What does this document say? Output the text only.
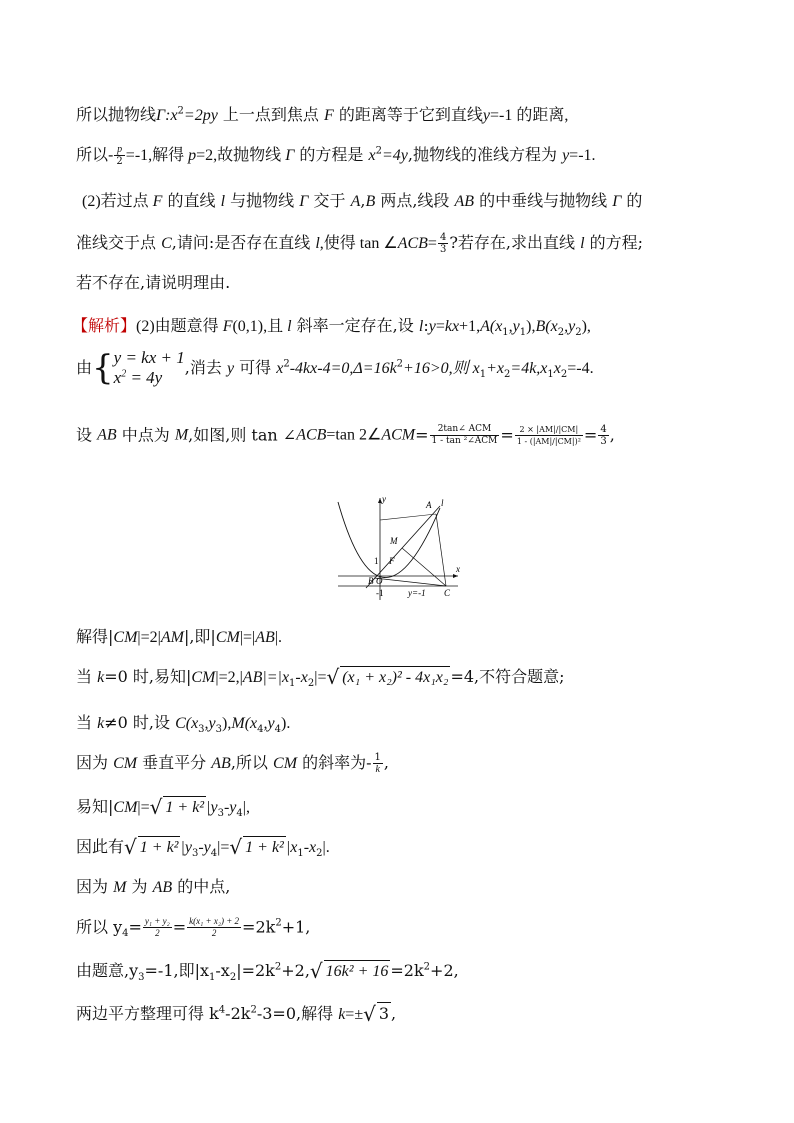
所以抛物线$\Gamma:x^2=2py$ 上一点到焦点 F 的距离等于它到直线y=-1 的距离,
所以- $\frac{p}{2} =-1$,解得 p=2,故抛物线 Γ 的方程是 $x^2=4y$,抛物线的准线方程为 y=-1.
(2)若过点 F 的直线 l 与抛物线 Γ 交于 A,B 两点,线段 AB 的中垂线与抛物线 Γ 的
准线交于点 C,请问:是否存在直线 l,使得 tan ∠ACB= $\frac{4}{3}$ ?若存在,求出直线 l 的方程;
若不存在,请说明理由.
【解析】(2)由题意得 F(0,1),且 l 斜率一定存在,设 $l:y=kx+1,A(x_1,y_1),B(x_2,y_2)$,
由{ y = kx + 1
$x^2 = 4y$
,消去 y 可得 $x^2-4kx-4=0,\Delta=16k^2+16>0$,则 $x_1+x_2=4k,x_1x_2=-4$.
设 AB 中点为 M,如图,则 tan ∠ACB=tan 2∠ACM= $\frac{\text{2tan∠ ACM}}{\text{1 - tan ²∠ACM}} = \frac{2 \times |AM|/|CM|}{\text{1 - (|AM|/|CM|)²}} = \frac{4}{3}$ ,
y
x
A l
M
F
1
B O
-1	y=-1 C
解得|CM|=2|AM|,即|CM|=|AB|.
当 k=0 时,易知$|CM|=2,|AB|=|x_1-x_2|=√$ (x₁ + x₂)² - 4x₁x₂ =4,不符合题意;
当 k≠0 时,设 $C(x_3,y_3),M(x_4,y_4)$.
因为 CM 垂直平分 AB,所以 CM 的斜率为- $\frac{1}{k}$ ,
易知|CM|=√ 1 + k² $|y_3-y_4|$,
因此有√ 1 + k² $|y_3-y_4|=√$ 1 + k² $|x_1-x_2|$.
因为 M 为 AB 的中点,
所以 $y_4= \frac{\text{y₁ + y₂}}{2} = \frac{\text{k(x₁ + x₂) + 2}}{2} =2k^2+1$,
由题意$,y_3=-1$,即$|x_1-x_2|=2k^2+2,√$ $16k^2 + 16 =2k^2+2$,
两边平方整理可得 $k^4-2k^2-3=0$,解得 k=±√ 3 ,
